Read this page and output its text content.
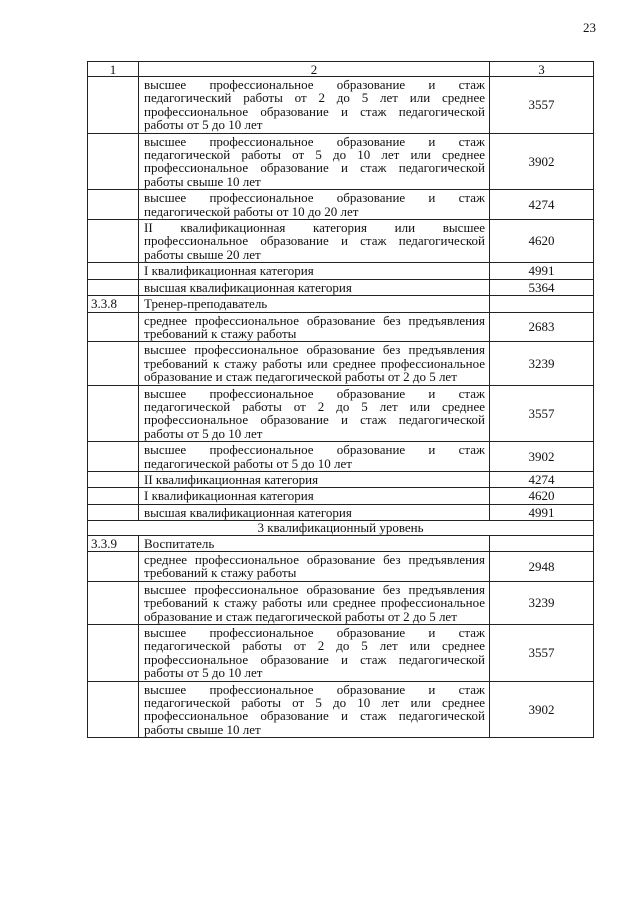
23
1	2	3

	высшее профессиональное образование и стаж педагогический работы от 2 до 5 лет или среднее профессиональное образование и стаж педагогической работы от 5 до 10 лет	3557

	высшее профессиональное образование и стаж педагогической работы от 5 до 10 лет или среднее профессиональное образование и стаж педагогической работы свыше 10 лет	3902

	высшее профессиональное образование и стаж педагогической работы от 10 до 20 лет	4274

	II квалификационная категория или высшее профессиональное образование и стаж педагогической работы свыше 20 лет	4620

	I квалификационная категория	4991

	высшая квалификационная категория	5364
3.3.8	Тренер-преподаватель	

	среднее профессиональное образование без предъявления требований к стажу работы	2683

	высшее профессиональное образование без предъявления требований к стажу работы или среднее профессиональное образование и стаж педагогической работы от 2 до 5 лет	3239

	высшее профессиональное образование и стаж педагогической работы от 2 до 5 лет или среднее профессиональное образование и стаж педагогической работы от 5 до 10 лет	3557

	высшее профессиональное образование и стаж педагогической работы от 5 до 10 лет	3902

	II квалификационная категория	4274

	I квалификационная категория	4620

	высшая квалификационная категория	4991
3 квалификационный уровень		
3.3.9	Воспитатель	

	среднее профессиональное образование без предъявления требований к стажу работы	2948

	высшее профессиональное образование без предъявления требований к стажу работы или среднее профессиональное образование и стаж педагогической работы от 2 до 5 лет	3239

	высшее профессиональное образование и стаж педагогической работы от 2 до 5 лет или среднее профессиональное образование и стаж педагогической работы от 5 до 10 лет	3557

	высшее профессиональное образование и стаж педагогической работы от 5 до 10 лет или среднее профессиональное образование и стаж педагогической работы свыше 10 лет	3902
